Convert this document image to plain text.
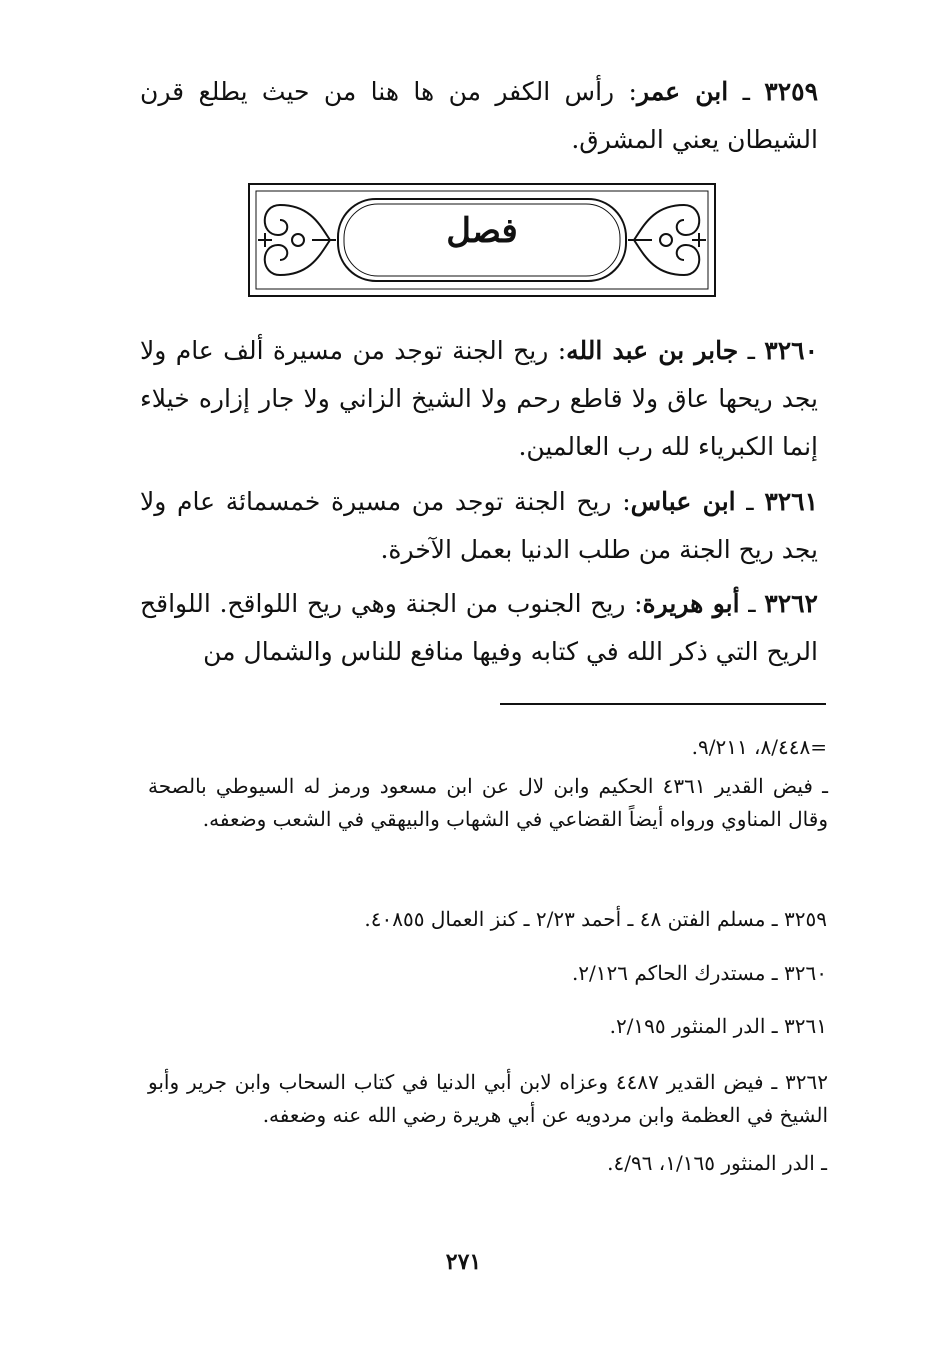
٣٢٥٩ ـ ابن عمر: رأس الكفر من ها هنا من حيث يطلع قرن الشيطان يعني المشرق.
فصل
٣٢٦٠ ـ جابر بن عبد الله: ريح الجنة توجد من مسيرة ألف عام ولا يجد ريحها عاق ولا قاطع رحم ولا الشيخ الزاني ولا جار إزاره خيلاء إنما الكبرياء لله رب العالمين.
٣٢٦١ ـ ابن عباس: ريح الجنة توجد من مسيرة خمسمائة عام ولا يجد ريح الجنة من طلب الدنيا بعمل الآخرة.
٣٢٦٢ ـ أبو هريرة: ريح الجنوب من الجنة وهي ريح اللواقح. اللواقح الريح التي ذكر الله في كتابه وفيها منافع للناس والشمال من
=٨/٤٤٨، ٩/٢١١.
ـ فيض القدير ٤٣٦١ الحكيم وابن لال عن ابن مسعود ورمز له السيوطي بالصحة وقال المناوي ورواه أيضاً القضاعي في الشهاب والبيهقي في الشعب وضعفه.
٣٢٥٩ ـ مسلم الفتن ٤٨ ـ أحمد ٢/٢٣ ـ كنز العمال ٤٠٨٥٥.
٣٢٦٠ ـ مستدرك الحاكم ٢/١٢٦.
٣٢٦١ ـ الدر المنثور ٢/١٩٥.
٣٢٦٢ ـ فيض القدير ٤٤٨٧ وعزاه لابن أبي الدنيا في كتاب السحاب وابن جرير وأبو الشيخ في العظمة وابن مردويه عن أبي هريرة رضي الله عنه وضعفه.
ـ الدر المنثور ١/١٦٥، ٤/٩٦.
٢٧١
